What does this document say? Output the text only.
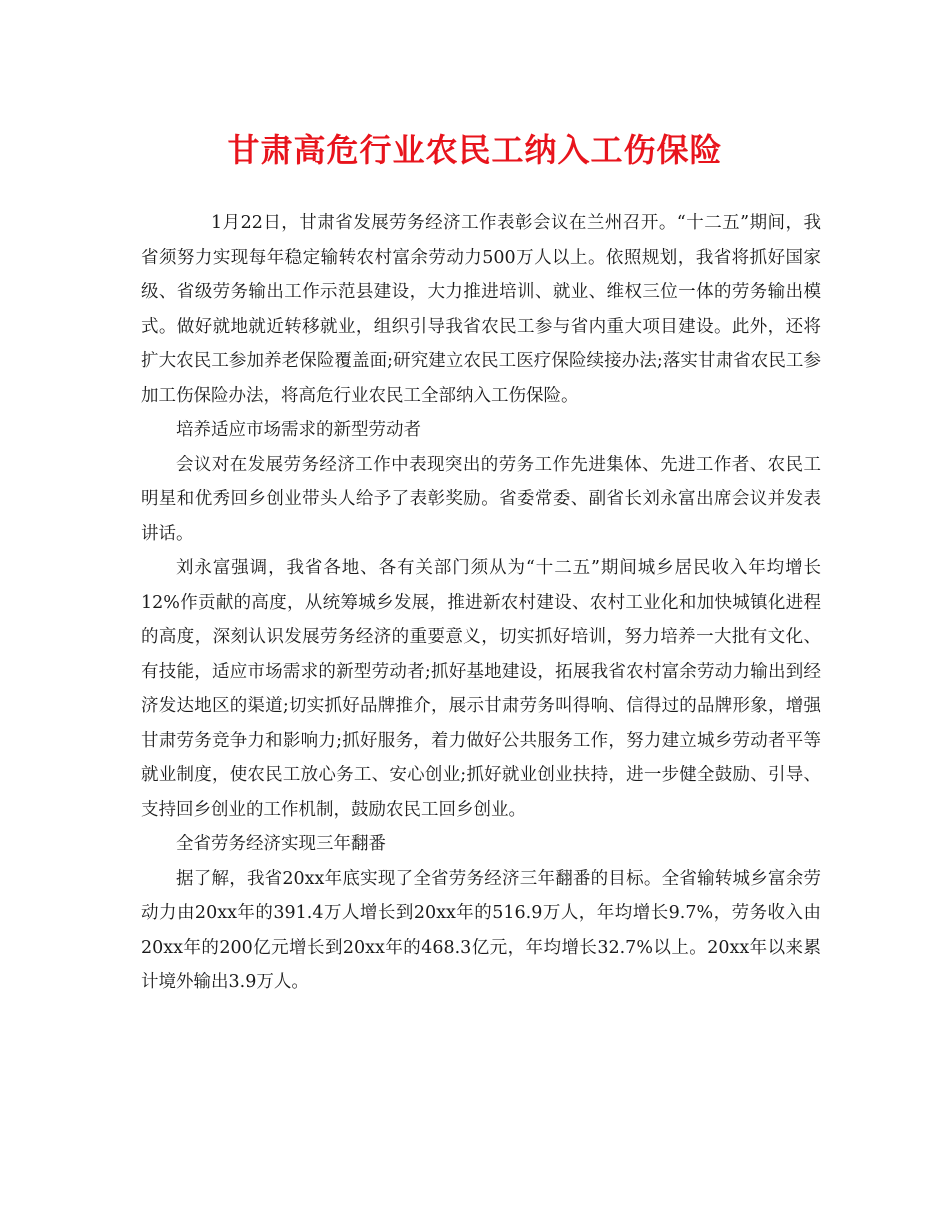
甘肃高危行业农民工纳入工伤保险

1月22日，甘肃省发展劳务经济工作表彰会议在兰州召开。“十二五”期间，我省须努力实现每年稳定输转农村富余劳动力500万人以上。依照规划，我省将抓好国家级、省级劳务输出工作示范县建设，大力推进培训、就业、维权三位一体的劳务输出模式。做好就地就近转移就业，组织引导我省农民工参与省内重大项目建设。此外，还将扩大农民工参加养老保险覆盖面;研究建立农民工医疗保险续接办法;落实甘肃省农民工参加工伤保险办法，将高危行业农民工全部纳入工伤保险。

培养适应市场需求的新型劳动者

会议对在发展劳务经济工作中表现突出的劳务工作先进集体、先进工作者、农民工明星和优秀回乡创业带头人给予了表彰奖励。省委常委、副省长刘永富出席会议并发表讲话。

刘永富强调，我省各地、各有关部门须从为“十二五”期间城乡居民收入年均增长12%作贡献的高度，从统筹城乡发展，推进新农村建设、农村工业化和加快城镇化进程的高度，深刻认识发展劳务经济的重要意义，切实抓好培训，努力培养一大批有文化、有技能，适应市场需求的新型劳动者;抓好基地建设，拓展我省农村富余劳动力输出到经济发达地区的渠道;切实抓好品牌推介，展示甘肃劳务叫得响、信得过的品牌形象，增强甘肃劳务竞争力和影响力;抓好服务，着力做好公共服务工作，努力建立城乡劳动者平等就业制度，使农民工放心务工、安心创业;抓好就业创业扶持，进一步健全鼓励、引导、支持回乡创业的工作机制，鼓励农民工回乡创业。

全省劳务经济实现三年翻番

据了解，我省20xx年底实现了全省劳务经济三年翻番的目标。全省输转城乡富余劳动力由20xx年的391.4万人增长到20xx年的516.9万人，年均增长9.7%，劳务收入由20xx年的200亿元增长到20xx年的468.3亿元，年均增长32.7%以上。20xx年以来累计境外输出3.9万人。
